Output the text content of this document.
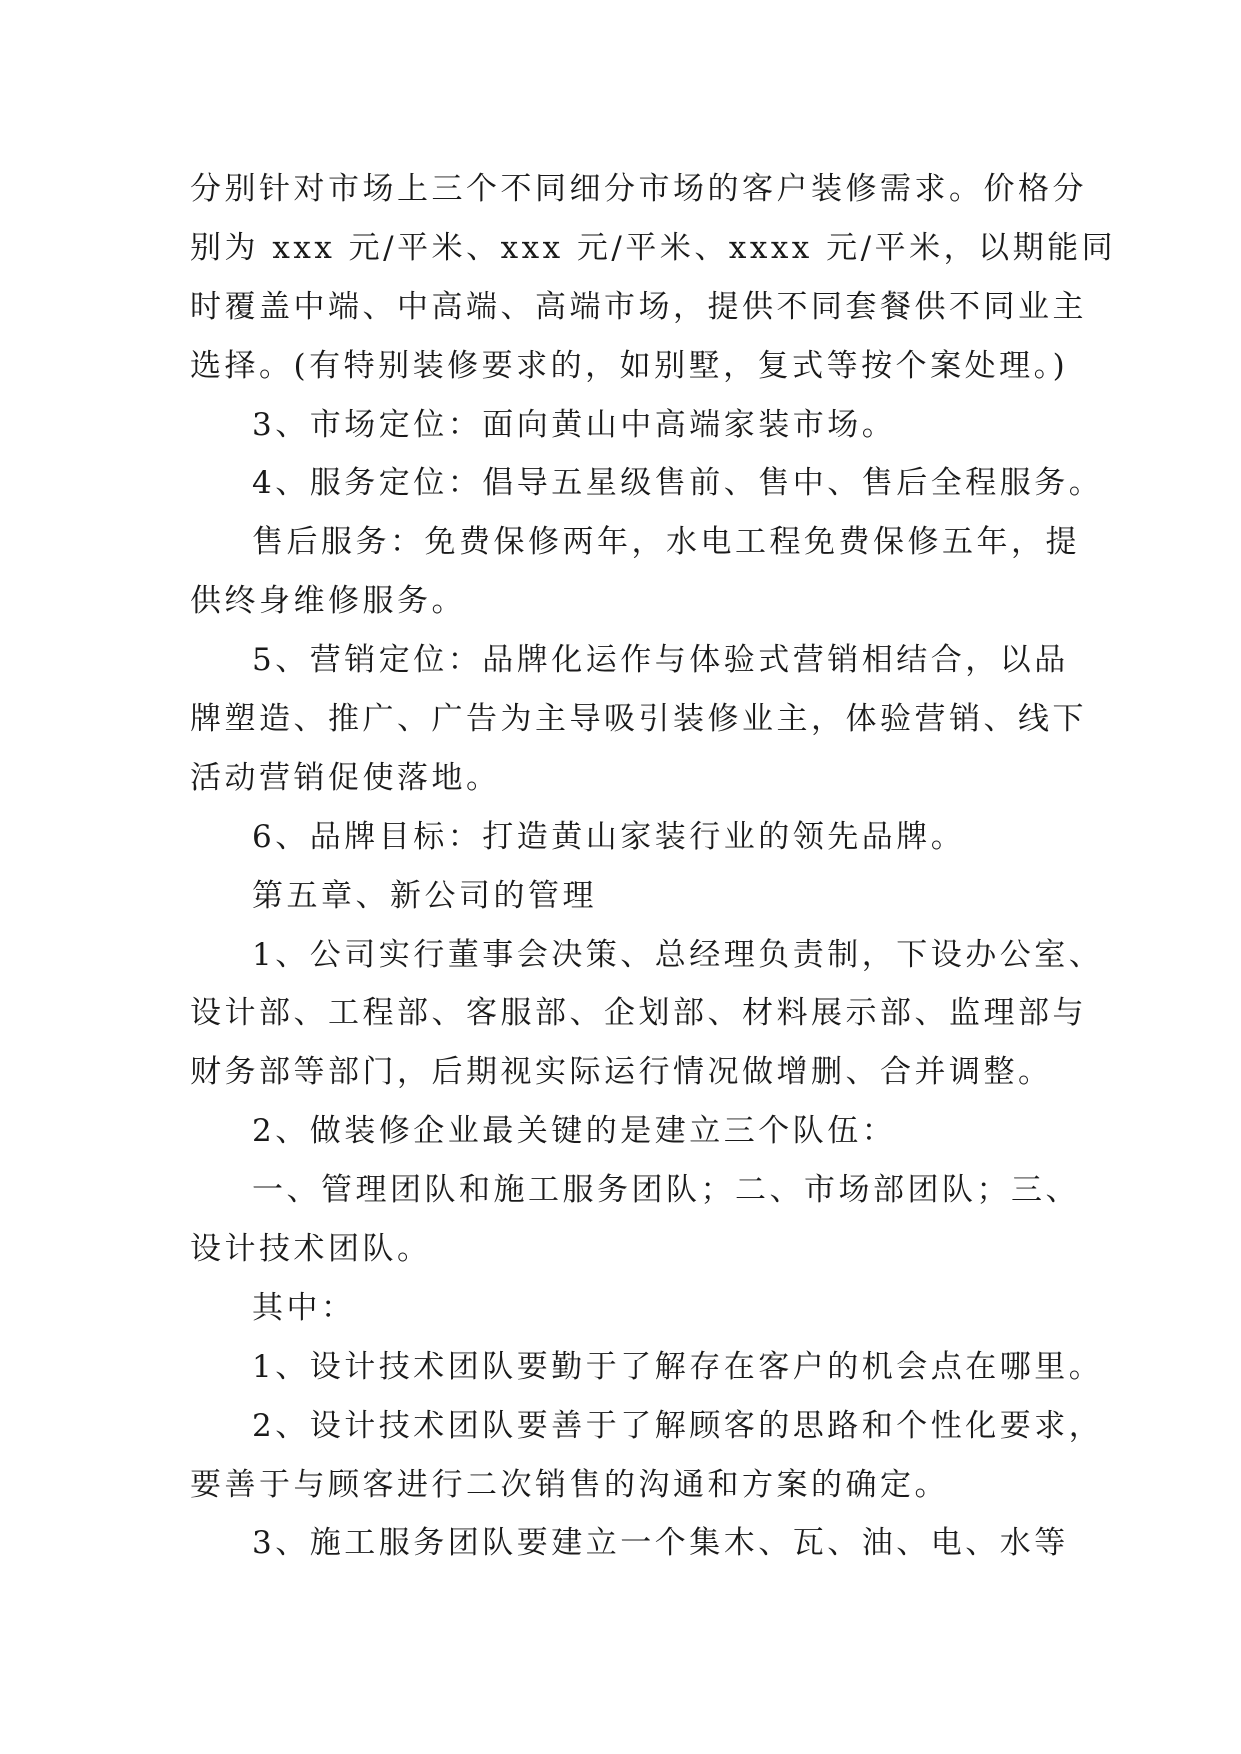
分别针对市场上三个不同细分市场的客户装修需求。价格分
别为 xxx 元/平米、xxx 元/平米、xxxx 元/平米，以期能同
时覆盖中端、中高端、高端市场，提供不同套餐供不同业主
选择。(有特别装修要求的，如别墅，复式等按个案处理。)
3、市场定位：面向黄山中高端家装市场。
4、服务定位：倡导五星级售前、售中、售后全程服务。
售后服务：免费保修两年，水电工程免费保修五年，提
供终身维修服务。
5、营销定位：品牌化运作与体验式营销相结合，以品
牌塑造、推广、广告为主导吸引装修业主，体验营销、线下
活动营销促使落地。
6、品牌目标：打造黄山家装行业的领先品牌。
第五章、新公司的管理
1、公司实行董事会决策、总经理负责制，下设办公室、
设计部、工程部、客服部、企划部、材料展示部、监理部与
财务部等部门，后期视实际运行情况做增删、合并调整。
2、做装修企业最关键的是建立三个队伍：
一、管理团队和施工服务团队；二、市场部团队；三、
设计技术团队。
其中：
1、设计技术团队要勤于了解存在客户的机会点在哪里。
2、设计技术团队要善于了解顾客的思路和个性化要求，
要善于与顾客进行二次销售的沟通和方案的确定。
3、施工服务团队要建立一个集木、瓦、油、电、水等
